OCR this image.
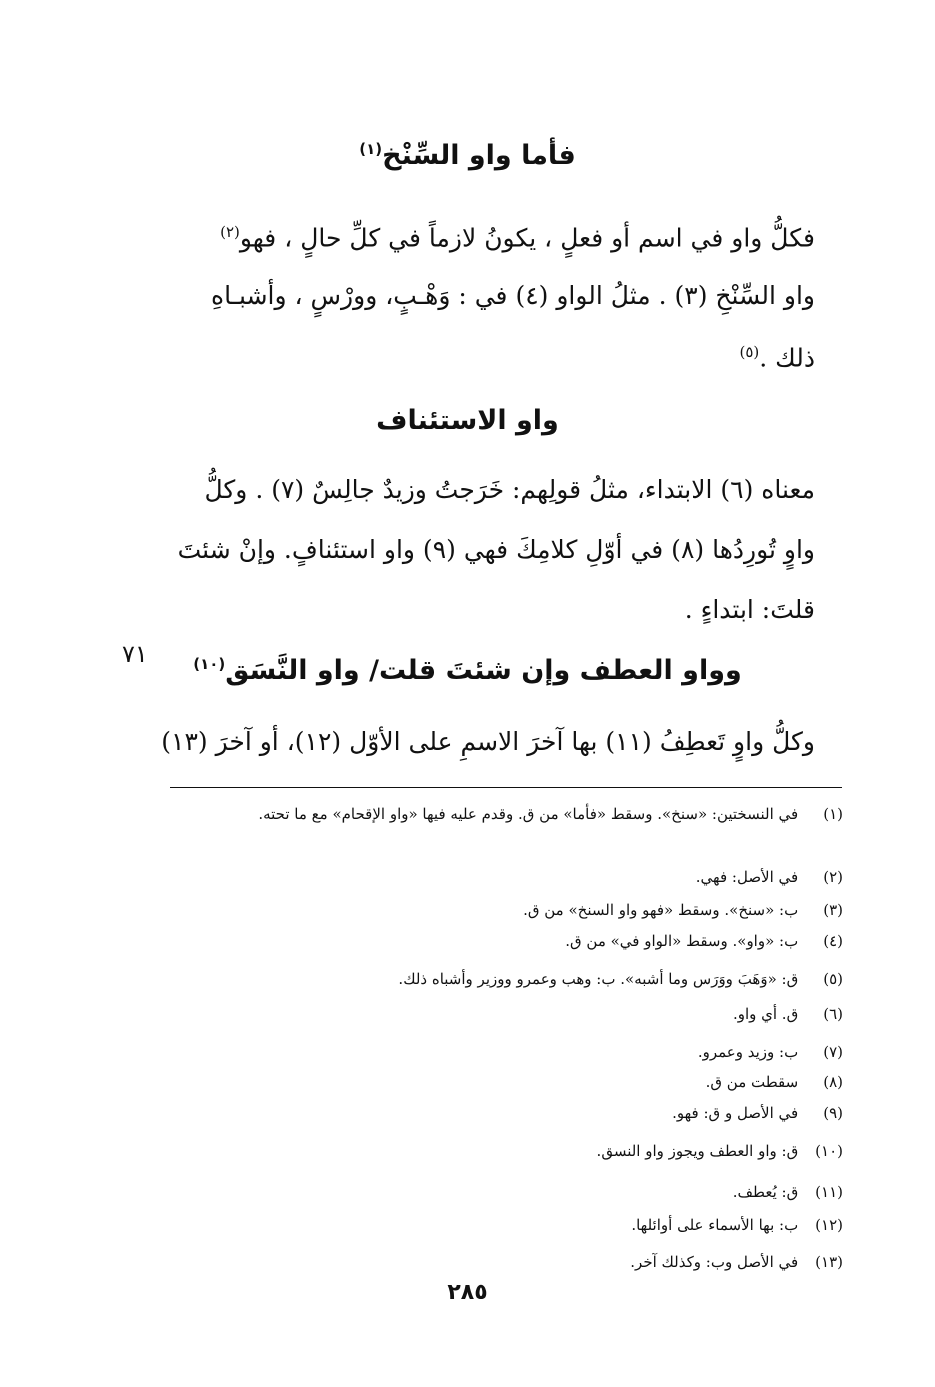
فأما واو السِّنْخ$^{(١)}$
فكلُّ واو في اسم أو فعلٍ ، يكونُ لازماً في كلِّ حالٍ ، فهو$^{(٢)}$
واو السِّنْخِ (٣) . مثلُ الواو (٤) في : وَهْـبٍ، وورْسٍ ، وأشبـاهِ
ذلك .$^{(٥)}$
واو الاستئناف
معناه (٦) الابتداء، مثلُ قولِهم: خَرَجتُ وزيدٌ جالِسٌ (٧) . وكلُّ
واوٍ تُورِدُها (٨) في أوّلِ كلامِكَ فهي (٩) واو استئنافٍ. وإنْ شئتَ
قلتَ: ابتداءٍ .
٧١
وواو العطف وإن شئتَ قلت/ واو النَّسَق$^{(١٠)}$
وكلُّ واوٍ تَعطِفُ (١١) بها آخرَ الاسمِ على الأوّل (١٢)، أو آخرَ (١٣)
(١) في النسختين: «سنخ». وسقط «فأما» من ق. وقدم عليه فيها «واو الإقحام» مع ما تحته.
(٢) في الأصل: فهي.
(٣) ب: «سنخ». وسقط «فهو واو السنخ» من ق.
(٤) ب: «واو». وسقط «الواو في» من ق.
(٥) ق: «وَهَبَ ووَرَس وما أشبه». ب: وهب وعمرو ووزير وأشباه ذلك.
(٦) ق. أي واو.
(٧) ب: وزيد وعمرو.
(٨) سقطت من ق.
(٩) في الأصل و ق: فهو.
(١٠) ق: واو العطف ويجوز واو النسق.
(١١) ق: يُعطف.
(١٢) ب: بها الأسماء على أوائلها.
(١٣) في الأصل وب: وكذلك آخر.
٢٨٥
